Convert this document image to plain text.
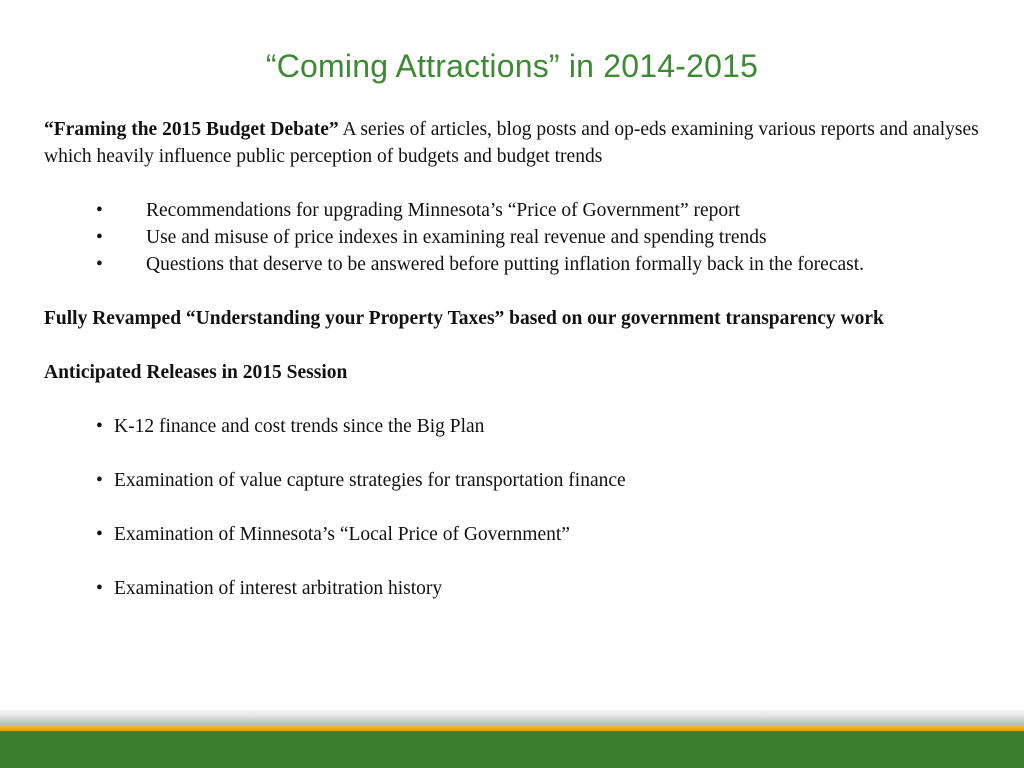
“Coming Attractions” in 2014-2015

“Framing the 2015 Budget Debate” A series of articles, blog posts and op-eds examining various reports and analyses which heavily influence public perception of budgets and budget trends

• Recommendations for upgrading Minnesota’s “Price of Government” report

• Use and misuse of price indexes in examining real revenue and spending trends

• Questions that deserve to be answered before putting inflation formally back in the forecast.

Fully Revamped “Understanding your Property Taxes” based on our government transparency work

Anticipated Releases in 2015 Session

• K-12 finance and cost trends since the Big Plan

• Examination of value capture strategies for transportation finance

• Examination of Minnesota’s “Local Price of Government”

• Examination of interest arbitration history
